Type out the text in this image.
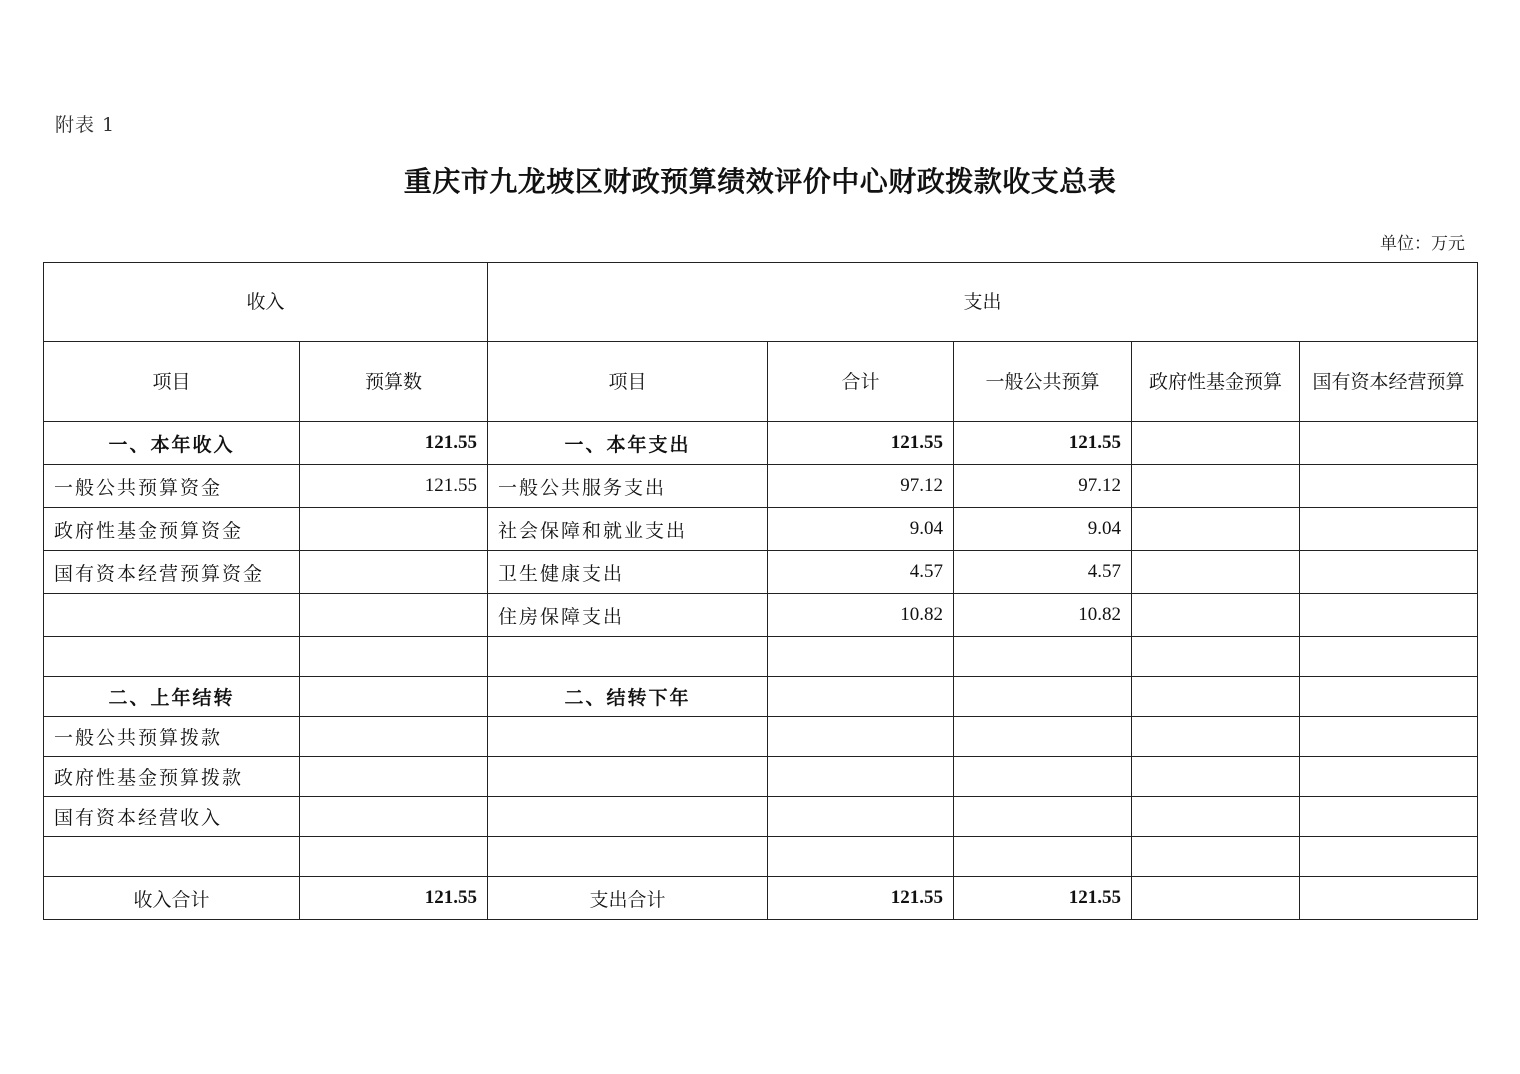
附表 1
重庆市九龙坡区财政预算绩效评价中心财政拨款收支总表
单位：万元
收入		支出				
项目	预算数	项目	合计	一般公共预算	政府性基金预算	国有资本经营预算
一、本年收入	121.55	一、本年支出	121.55	121.55		
一般公共预算资金	121.55	一般公共服务支出	97.12	97.12		
政府性基金预算资金		社会保障和就业支出	9.04	9.04		
国有资本经营预算资金		卫生健康支出	4.57	4.57		
		住房保障支出	10.82	10.82		

二、上年结转		二、结转下年				
一般公共预算拨款						
政府性基金预算拨款						
国有资本经营收入						

收入合计	121.55	支出合计	121.55	121.55		
